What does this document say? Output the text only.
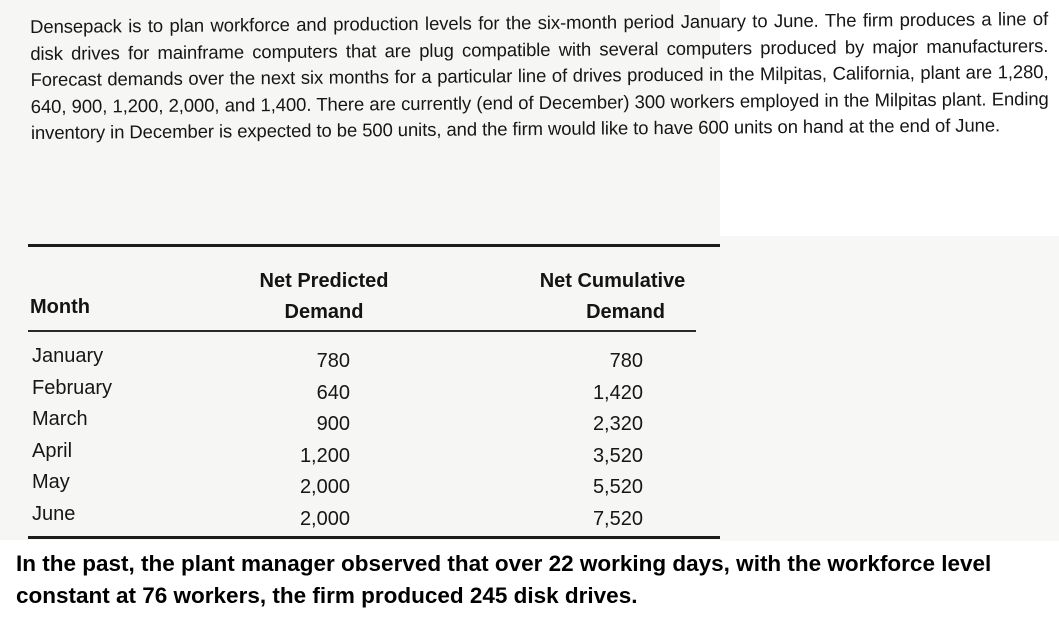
Densepack is to plan workforce and production levels for the six-month period January to June. The firm produces a line of disk drives for mainframe computers that are plug compatible with several computers produced by major manufacturers. Forecast demands over the next six months for a particular line of drives produced in the Milpitas, California, plant are 1,280, 640, 900, 1,200, 2,000, and 1,400. There are currently (end of December) 300 workers employed in the Milpitas plant. Ending inventory in December is expected to be 500 units, and the firm would like to have 600 units on hand at the end of June.
Month
Net Predicted
Demand
Net Cumulative
Demand
January
February
March
April
May
June
780
640
900
1,200
2,000
2,000
780
1,420
2,320
3,520
5,520
7,520
In the past, the plant manager observed that over 22 working days, with the workforce level constant at 76 workers, the firm produced 245 disk drives.
